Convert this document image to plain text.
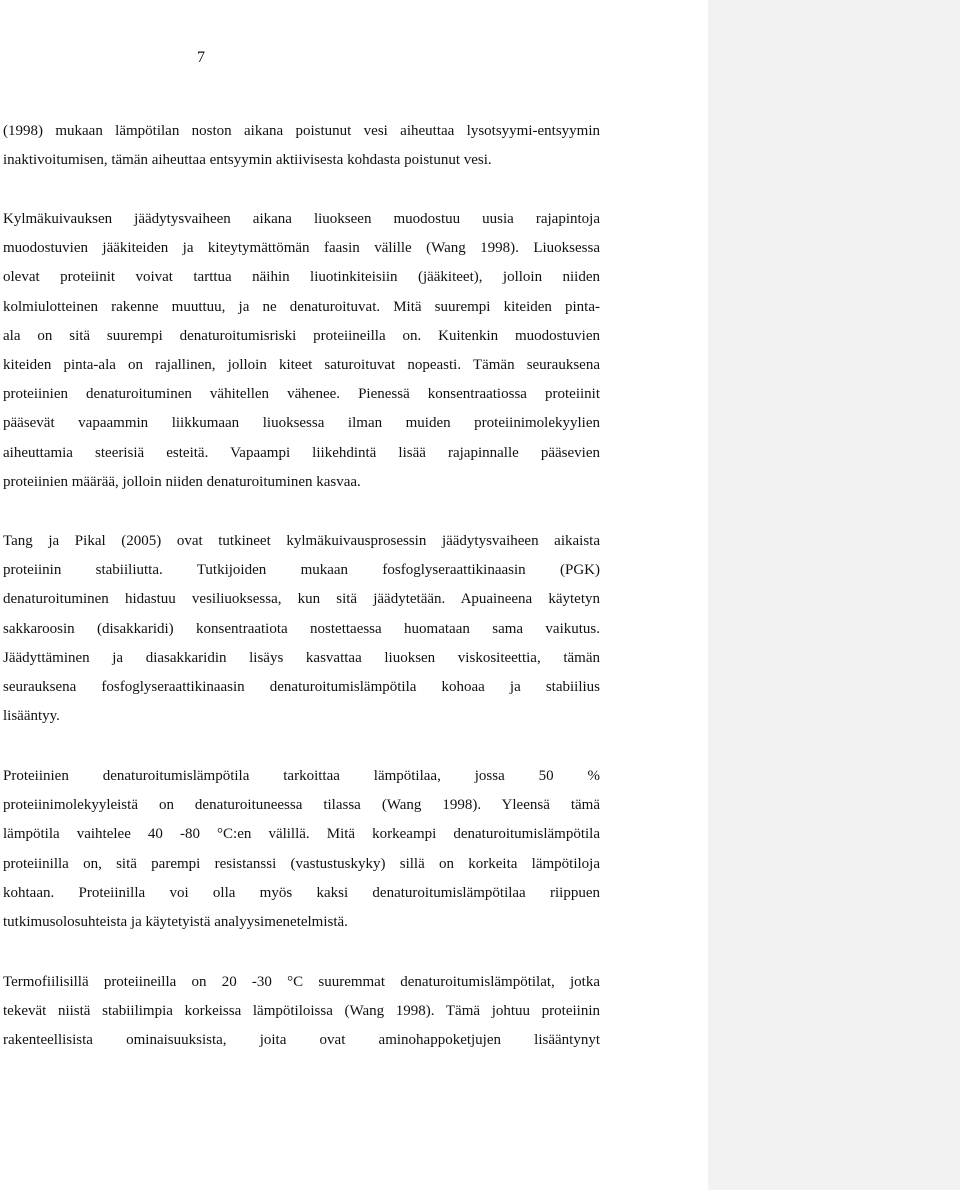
7
(1998) mukaan lämpötilan noston aikana poistunut vesi aiheuttaa lysotsyymi-entsyymin
inaktivoitumisen, tämän aiheuttaa entsyymin aktiivisesta kohdasta poistunut vesi.
Kylmäkuivauksen jäädytysvaiheen aikana liuokseen muodostuu uusia rajapintoja
muodostuvien jääkiteiden ja kiteytymättömän faasin välille (Wang 1998). Liuoksessa
olevat proteiinit voivat tarttua näihin liuotinkiteisiin (jääkiteet), jolloin niiden
kolmiulotteinen rakenne muuttuu, ja ne denaturoituvat. Mitä suurempi kiteiden pinta-
ala on sitä suurempi denaturoitumisriski proteiineilla on. Kuitenkin muodostuvien
kiteiden pinta-ala on rajallinen, jolloin kiteet saturoituvat nopeasti. Tämän seurauksena
proteiinien denaturoituminen vähitellen vähenee. Pienessä konsentraatiossa proteiinit
pääsevät vapaammin liikkumaan liuoksessa ilman muiden proteiinimolekyylien
aiheuttamia steerisiä esteitä. Vapaampi liikehdintä lisää rajapinnalle pääsevien
proteiinien määrää, jolloin niiden denaturoituminen kasvaa.
Tang ja Pikal (2005) ovat tutkineet kylmäkuivausprosessin jäädytysvaiheen aikaista
proteiinin stabiiliutta. Tutkijoiden mukaan fosfoglyseraattikinaasin (PGK)
denaturoituminen hidastuu vesiliuoksessa, kun sitä jäädytetään. Apuaineena käytetyn
sakkaroosin (disakkaridi) konsentraatiota nostettaessa huomataan sama vaikutus.
Jäädyttäminen ja diasakkaridin lisäys kasvattaa liuoksen viskositeettia, tämän
seurauksena fosfoglyseraattikinaasin denaturoitumislämpötila kohoaa ja stabiilius
lisääntyy.
Proteiinien denaturoitumislämpötila tarkoittaa lämpötilaa, jossa 50 %
proteiinimolekyyleistä on denaturoituneessa tilassa (Wang 1998). Yleensä tämä
lämpötila vaihtelee 40 -80 °C:en välillä. Mitä korkeampi denaturoitumislämpötila
proteiinilla on, sitä parempi resistanssi (vastustuskyky) sillä on korkeita lämpötiloja
kohtaan. Proteiinilla voi olla myös kaksi denaturoitumislämpötilaa riippuen
tutkimusolosuhteista ja käytetyistä analyysimenetelmistä.
Termofiilisillä proteiineilla on 20 -30 °C suuremmat denaturoitumislämpötilat, jotka
tekevät niistä stabiilimpia korkeissa lämpötiloissa (Wang 1998). Tämä johtuu proteiinin
rakenteellisista ominaisuuksista, joita ovat aminohappoketjujen lisääntynyt
